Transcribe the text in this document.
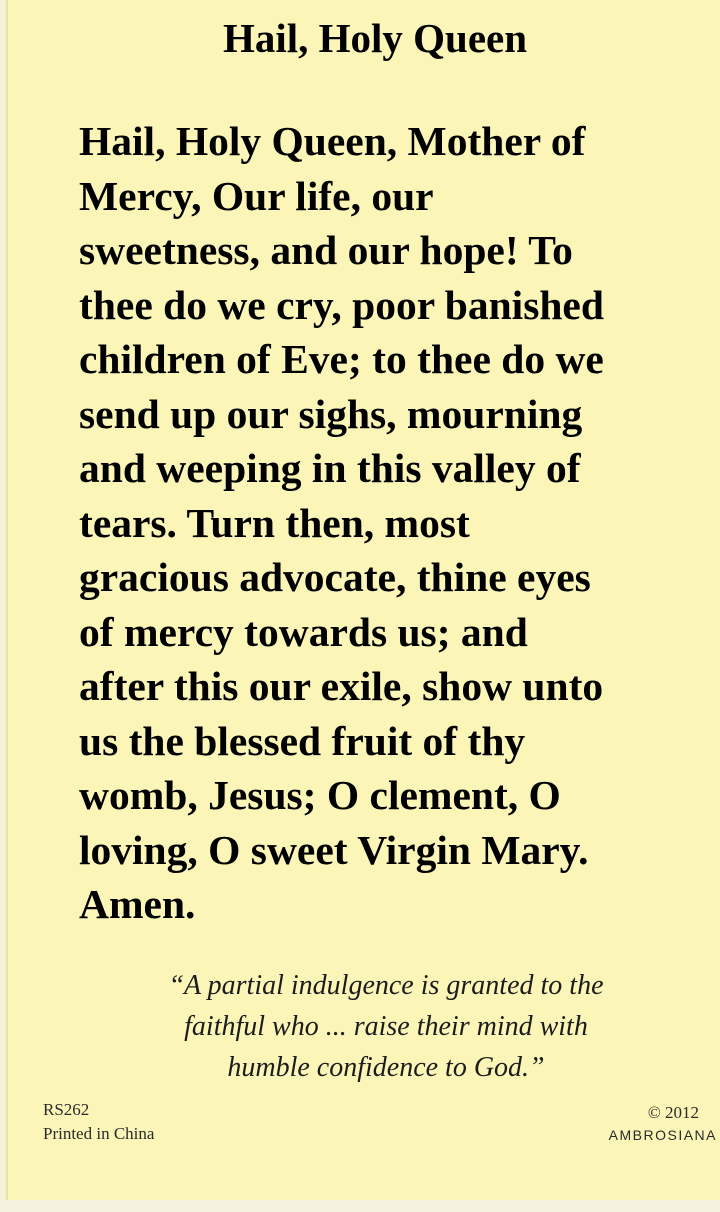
Hail, Holy Queen
Hail, Holy Queen, Mother of
Mercy, Our life, our
sweetness, and our hope! To
thee do we cry, poor banished
children of Eve; to thee do we
send up our sighs, mourning
and weeping in this valley of
tears. Turn then, most
gracious advocate, thine eyes
of mercy towards us; and
after this our exile, show unto
us the blessed fruit of thy
womb, Jesus; O clement, O
loving, O sweet Virgin Mary.
Amen.
“A partial indulgence is granted to the
faithful who ... raise their mind with
humble confidence to God.”
RS262
Printed in China
© 2012
AMBROSIANA
